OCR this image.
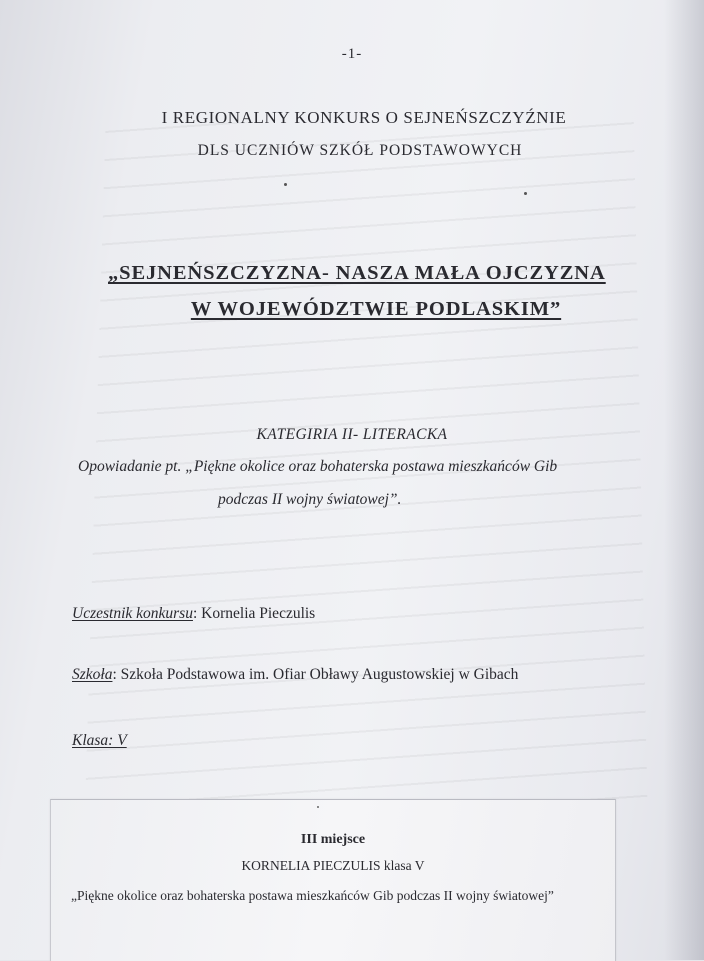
-1-
I REGIONALNY KONKURS O SEJNEŃSZCZYŹNIE
DLS UCZNIÓW SZKÓŁ PODSTAWOWYCH
„SEJNEŃSZCZYZNA- NASZA MAŁA OJCZYZNA
W WOJEWÓDZTWIE PODLASKIM”
KATEGIRIA II- LITERACKA
Opowiadanie pt. „Piękne okolice oraz bohaterska postawa mieszkańców Gib
podczas II wojny światowej”.
Uczestnik konkursu: Kornelia Pieczulis
Szkoła: Szkoła Podstawowa im. Ofiar Obławy Augustowskiej w Gibach
Klasa: V
III miejsce
KORNELIA PIECZULIS klasa V
„Piękne okolice oraz bohaterska postawa mieszkańców Gib podczas II wojny światowej”
